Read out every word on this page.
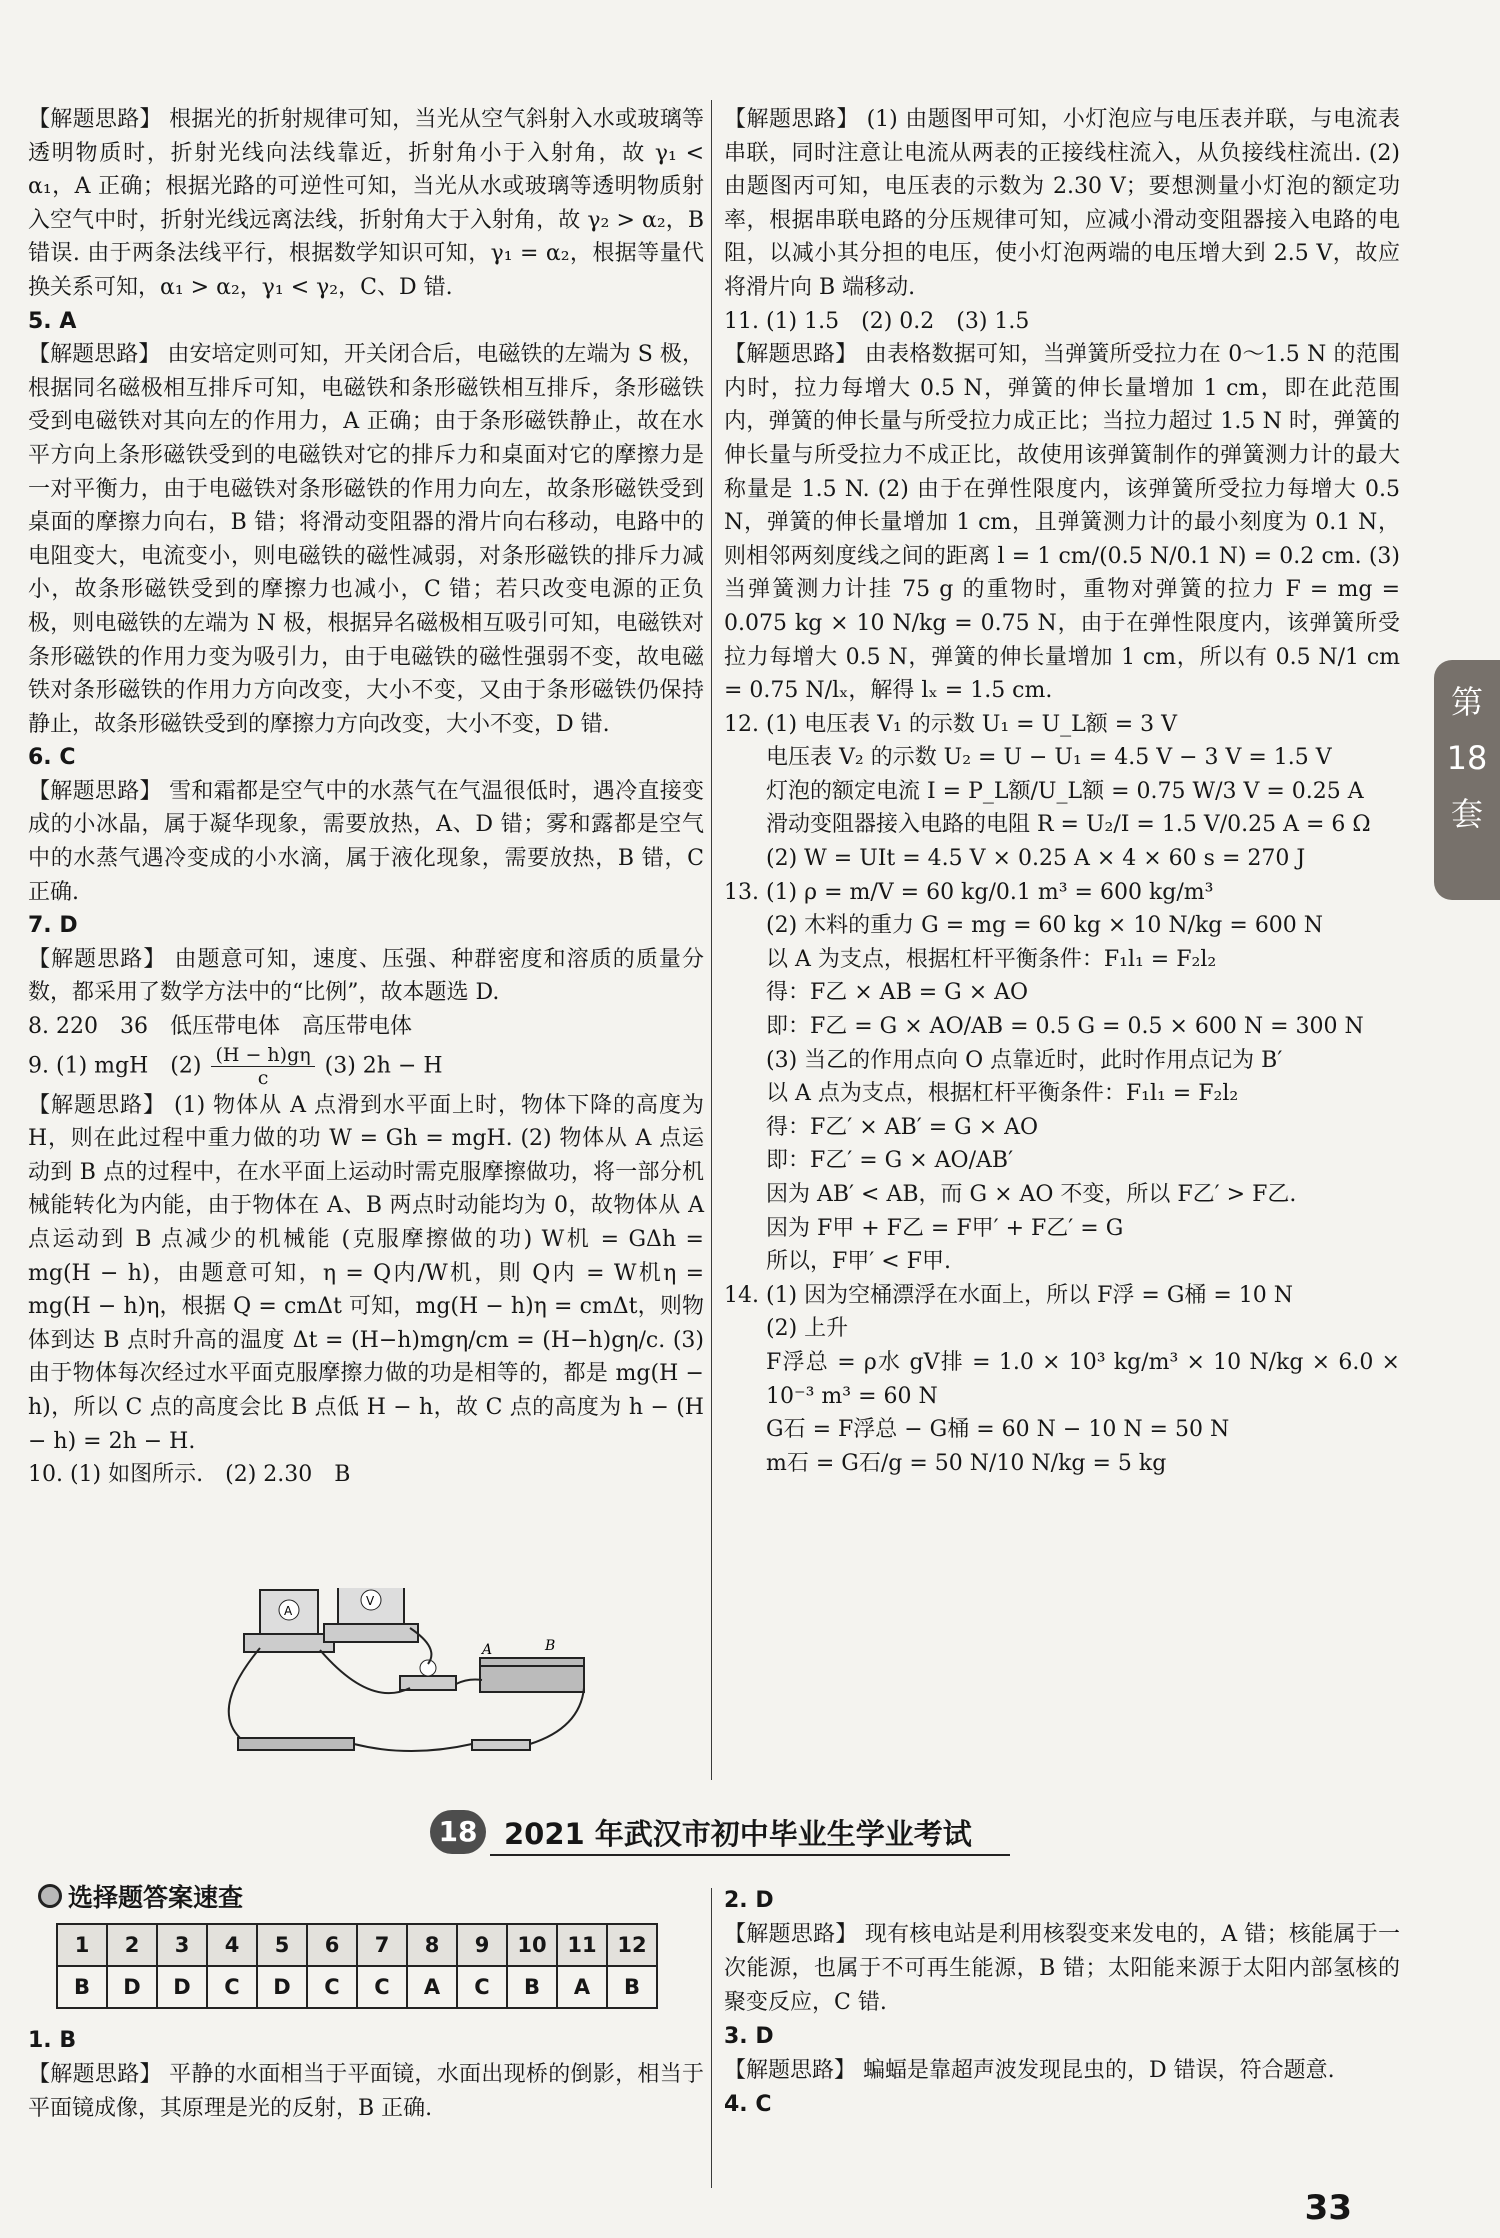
【解题思路】 根据光的折射规律可知，当光从空气斜射入水或玻璃等透明物质时，折射光线向法线靠近，折射角小于入射角，故 γ₁ < α₁，A 正确；根据光路的可逆性可知，当光从水或玻璃等透明物质射入空气中时，折射光线远离法线，折射角大于入射角，故 γ₂ > α₂，B 错误. 由于两条法线平行，根据数学知识可知，γ₁ = α₂，根据等量代换关系可知，α₁ > α₂，γ₁ < γ₂，C、D 错.

5. A

【解题思路】 由安培定则可知，开关闭合后，电磁铁的左端为 S 极，根据同名磁极相互排斥可知，电磁铁和条形磁铁相互排斥，条形磁铁受到电磁铁对其向左的作用力，A 正确；由于条形磁铁静止，故在水平方向上条形磁铁受到的电磁铁对它的排斥力和桌面对它的摩擦力是一对平衡力，由于电磁铁对条形磁铁的作用力向左，故条形磁铁受到桌面的摩擦力向右，B 错；将滑动变阻器的滑片向右移动，电路中的电阻变大，电流变小，则电磁铁的磁性减弱，对条形磁铁的排斥力减小，故条形磁铁受到的摩擦力也减小，C 错；若只改变电源的正负极，则电磁铁的左端为 N 极，根据异名磁极相互吸引可知，电磁铁对条形磁铁的作用力变为吸引力，由于电磁铁的磁性强弱不变，故电磁铁对条形磁铁的作用力方向改变，大小不变，又由于条形磁铁仍保持静止，故条形磁铁受到的摩擦力方向改变，大小不变，D 错.

6. C

【解题思路】 雪和霜都是空气中的水蒸气在气温很低时，遇冷直接变成的小冰晶，属于凝华现象，需要放热，A、D 错；雾和露都是空气中的水蒸气遇冷变成的小水滴，属于液化现象，需要放热，B 错，C 正确.

7. D

【解题思路】 由题意可知，速度、压强、种群密度和溶质的质量分数，都采用了数学方法中的“比例”，故本题选 D.

8. 220　36　低压带电体　高压带电体

9. (1) mgH　$(2) \frac{(H - h)g\eta}{c} (3) 2h - H$

【解题思路】 (1) 物体从 A 点滑到水平面上时，物体下降的高度为 H，则在此过程中重力做的功 W = Gh = mgH. (2) 物体从 A 点运动到 B 点的过程中，在水平面上运动时需克服摩擦做功，将一部分机械能转化为内能，由于物体在 A、B 两点时动能均为 0，故物体从 A 点运动到 B 点减少的机械能 (克服摩擦做的功) W机 = GΔh = mg(H − h)，由题意可知，η = Q内/W机，則 Q内 = W机η = mg(H − h)η，根据 Q = cmΔt 可知，mg(H − h)η = cmΔt，则物体到达 B 点时升高的温度 Δt = (H−h)mgη/cm = (H−h)gη/c. (3) 由于物体每次经过水平面克服摩擦力做的功是相等的，都是 mg(H − h)，所以 C 点的高度会比 B 点低 H − h，故 C 点的高度为 h − (H − h) = 2h − H.

10. (1) 如图所示.　(2) 2.30　B

A
V
A	B

【解题思路】 (1) 由题图甲可知，小灯泡应与电压表并联，与电流表串联，同时注意让电流从两表的正接线柱流入，从负接线柱流出. (2) 由题图丙可知，电压表的示数为 2.30 V；要想测量小灯泡的额定功率，根据串联电路的分压规律可知，应减小滑动变阻器接入电路的电阻，以减小其分担的电压，使小灯泡两端的电压增大到 2.5 V，故应将滑片向 B 端移动.

11. (1) 1.5　(2) 0.2　(3) 1.5

【解题思路】 由表格数据可知，当弹簧所受拉力在 0～1.5 N 的范围内时，拉力每增大 0.5 N，弹簧的伸长量增加 1 cm，即在此范围内，弹簧的伸长量与所受拉力成正比；当拉力超过 1.5 N 时，弹簧的伸长量与所受拉力不成正比，故使用该弹簧制作的弹簧测力计的最大称量是 1.5 N. (2) 由于在弹性限度内，该弹簧所受拉力每增大 0.5 N，弹簧的伸长量增加 1 cm，且弹簧测力计的最小刻度为 0.1 N，则相邻两刻度线之间的距离 l = 1 cm/(0.5 N/0.1 N) = 0.2 cm. (3) 当弹簧测力计挂 75 g 的重物时，重物对弹簧的拉力 F = mg = 0.075 kg × 10 N/kg = 0.75 N，由于在弹性限度内，该弹簧所受拉力每增大 0.5 N，弹簧的伸长量增加 1 cm，所以有 0.5 N/1 cm = 0.75 N/lₓ，解得 lₓ = 1.5 cm.

12. (1) 电压表 V₁ 的示数 U₁ = U_L额 = 3 V

电压表 V₂ 的示数 U₂ = U − U₁ = 4.5 V − 3 V = 1.5 V

灯泡的额定电流 I = P_L额/U_L额 = 0.75 W/3 V = 0.25 A

滑动变阻器接入电路的电阻 R = U₂/I = 1.5 V/0.25 A = 6 Ω

(2) W = UIt = 4.5 V × 0.25 A × 4 × 60 s = 270 J

13. (1) ρ = m/V = 60 kg/0.1 m³ = 600 kg/m³

(2) 木料的重力 G = mg = 60 kg × 10 N/kg = 600 N

以 A 为支点，根据杠杆平衡条件：F₁l₁ = F₂l₂

得：F乙 × AB = G × AO

即：F乙 = G × AO/AB = 0.5 G = 0.5 × 600 N = 300 N

(3) 当乙的作用点向 O 点靠近时，此时作用点记为 B′

以 A 点为支点，根据杠杆平衡条件：F₁l₁ = F₂l₂

得：F乙′ × AB′ = G × AO

即：F乙′ = G × AO/AB′

因为 AB′ < AB，而 G × AO 不变，所以 F乙′ > F乙.

因为 F甲 + F乙 = F甲′ + F乙′ = G

所以，F甲′ < F甲.

14. (1) 因为空桶漂浮在水面上，所以 F浮 = G桶 = 10 N

(2) 上升

F浮总 = ρ水 gV排 = 1.0 × 10³ kg/m³ × 10 N/kg × 6.0 × 10⁻³ m³ = 60 N

G石 = F浮总 − G桶 = 60 N − 10 N = 50 N

m石 = G石/g = 50 N/10 N/kg = 5 kg

第
18
套
18 2021 年武汉市初中毕业生学业考试
选择题答案速查
1	2	3	4	5	6	7	8	9	10	11	12
B	D	D	C	D	C	C	A	C	B	A	B

1. B

【解题思路】 平静的水面相当于平面镜，水面出现桥的倒影，相当于平面镜成像，其原理是光的反射，B 正确.

2. D

【解题思路】 现有核电站是利用核裂变来发电的，A 错；核能属于一次能源，也属于不可再生能源，B 错；太阳能来源于太阳内部氢核的聚变反应，C 错.

3. D

【解题思路】 蝙蝠是靠超声波发现昆虫的，D 错误，符合题意.

4. C

33
